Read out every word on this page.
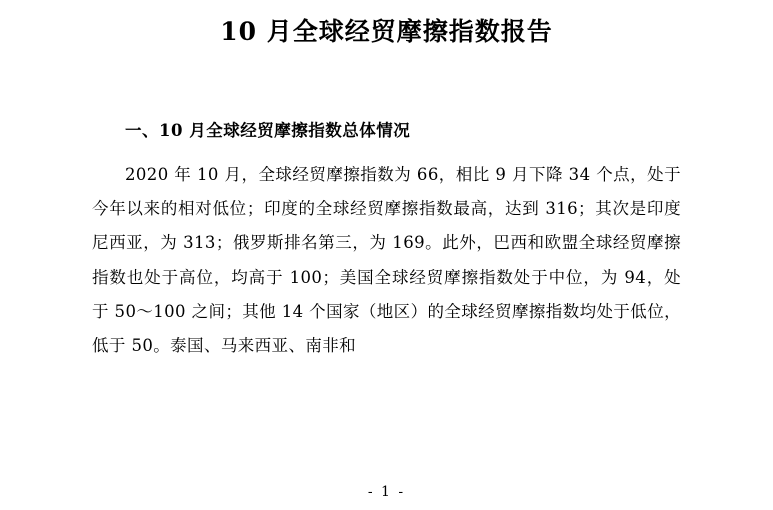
10 月全球经贸摩擦指数报告
一、10 月全球经贸摩擦指数总体情况

2020 年 10 月，全球经贸摩擦指数为 66，相比 9 月下降 34 个点，处于今年以来的相对低位；印度的全球经贸摩擦指数最高，达到 316；其次是印度尼西亚，为 313；俄罗斯排名第三，为 169。此外，巴西和欧盟全球经贸摩擦指数也处于高位，均高于 100；美国全球经贸摩擦指数处于中位，为 94，处于 50～100 之间；其他 14 个国家（地区）的全球经贸摩擦指数均处于低位，低于 50。泰国、马来西亚、南非和

- 1 -
